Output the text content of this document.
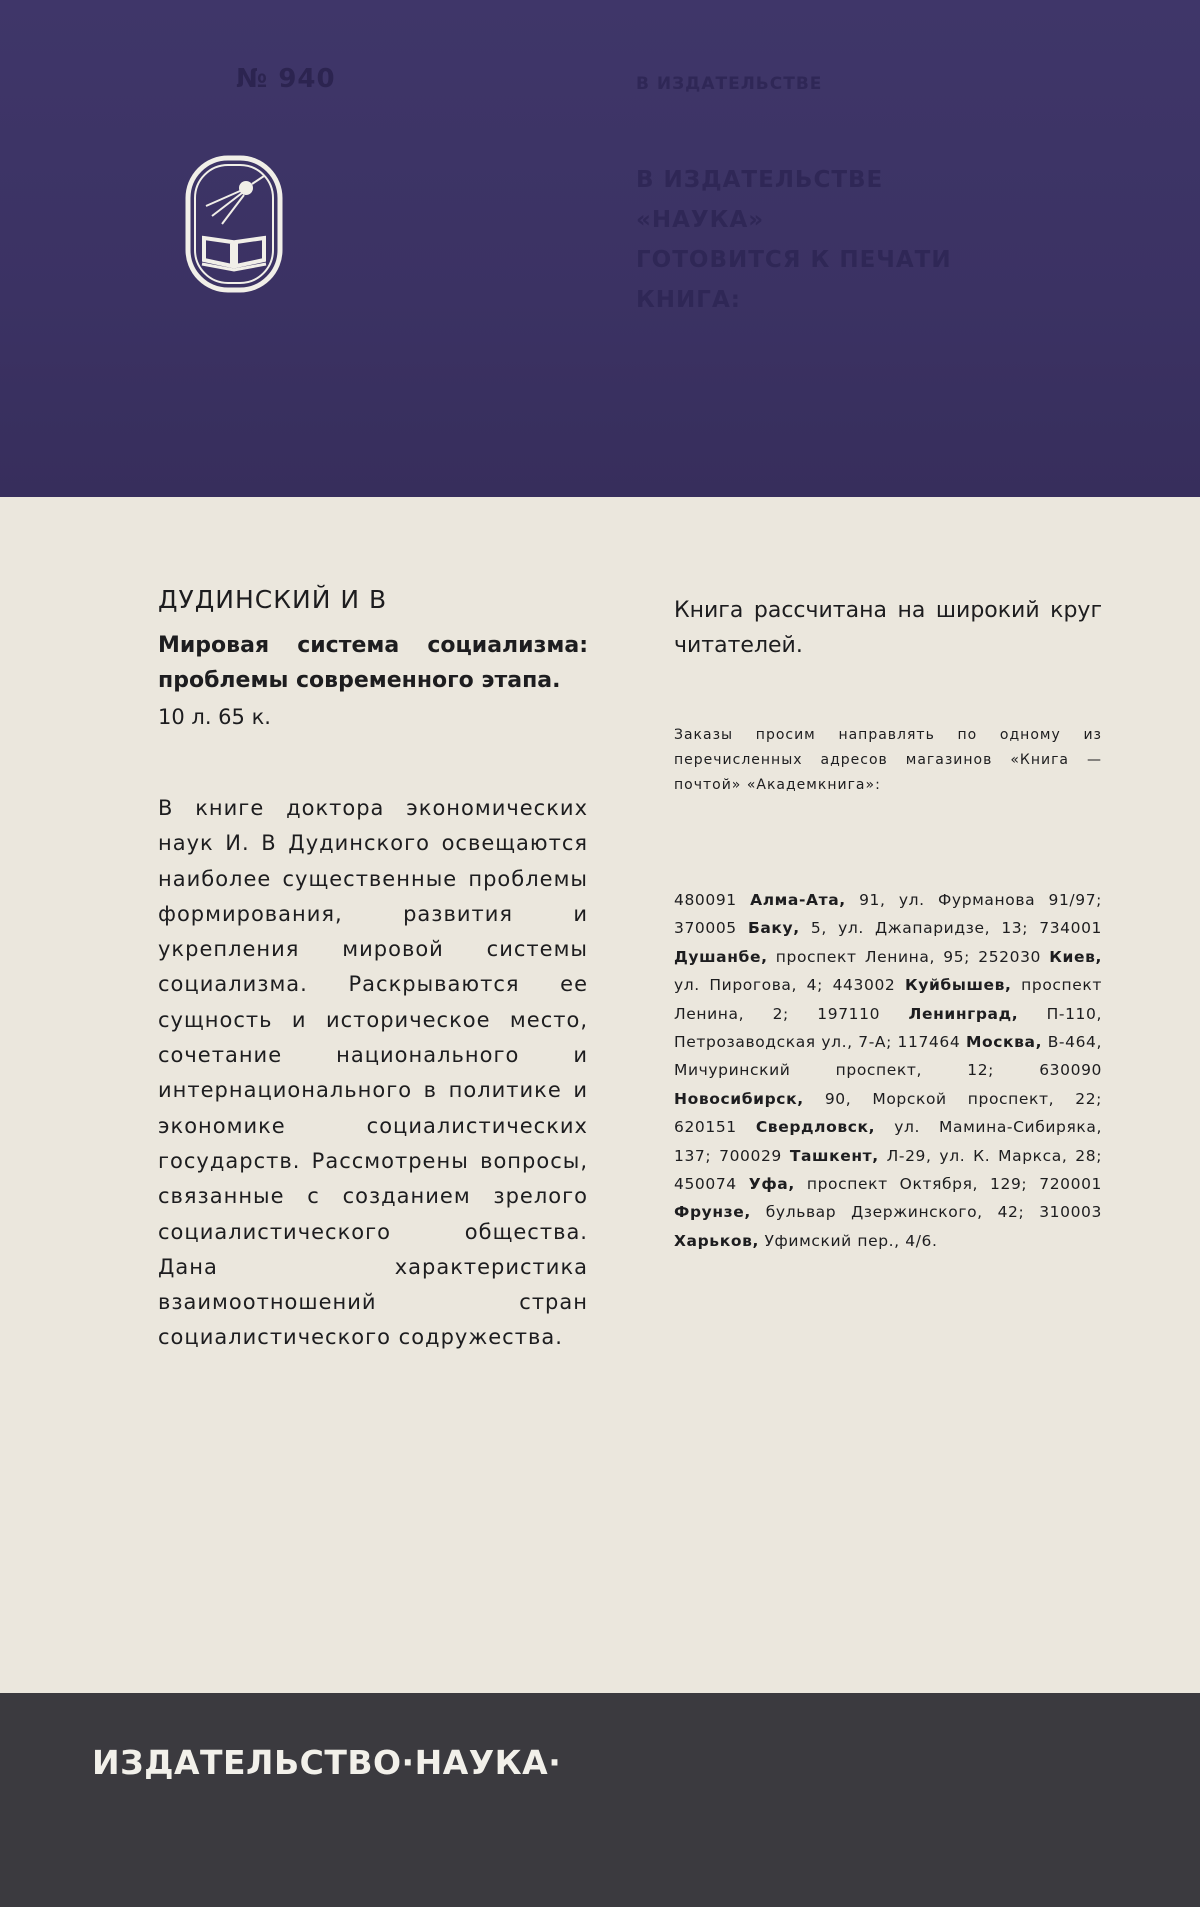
№ 940	В ИЗДАТЕЛЬСТВЕ
В ИЗДАТЕЛЬСТВЕ
«НАУКА»
ГОТОВИТСЯ К ПЕЧАТИ
КНИГА:
ДУДИНСКИЙ И В
Мировая система социализма: проблемы современного этапа.
10 л. 65 к.
В книге доктора экономических наук И. В Дудинского освещаются наиболее существенные проблемы формирования, развития и укрепления мировой системы социализма. Раскрываются ее сущность и историческое место, сочетание национального и интернационального в политике и экономике социалистических государств. Рассмотрены вопросы, связанные с созданием зрелого социалистического общества. Дана характеристика взаимоотношений стран социалистического содружества.
Книга рассчитана на широкий круг читателей.
Заказы просим направлять по одному из перечисленных адресов магазинов «Книга — почтой» «Академкнига»:
480091 Алма-Ата, 91, ул. Фурманова 91/97; 370005 Баку, 5, ул. Джапаридзе, 13; 734001 Душанбе, проспект Ленина, 95; 252030 Киев, ул. Пирогова, 4; 443002 Куйбышев, проспект Ленина, 2; 197110 Ленинград, П-110, Петрозаводская ул., 7-А; 117464 Москва, В-464, Мичуринский проспект, 12;	630090 Новосибирск, 90, Морской проспект, 22; 620151 Свердловск, ул. Мамина-Сибиряка, 137; 700029 Ташкент, Л-29, ул. К. Маркса, 28; 450074 Уфа, проспект Октября, 129; 720001 Фрунзе, бульвар Дзержинского, 42; 310003 Харьков, Уфимский пер., 4/6.
ИЗДАТЕЛЬСТВО·НАУКА·
